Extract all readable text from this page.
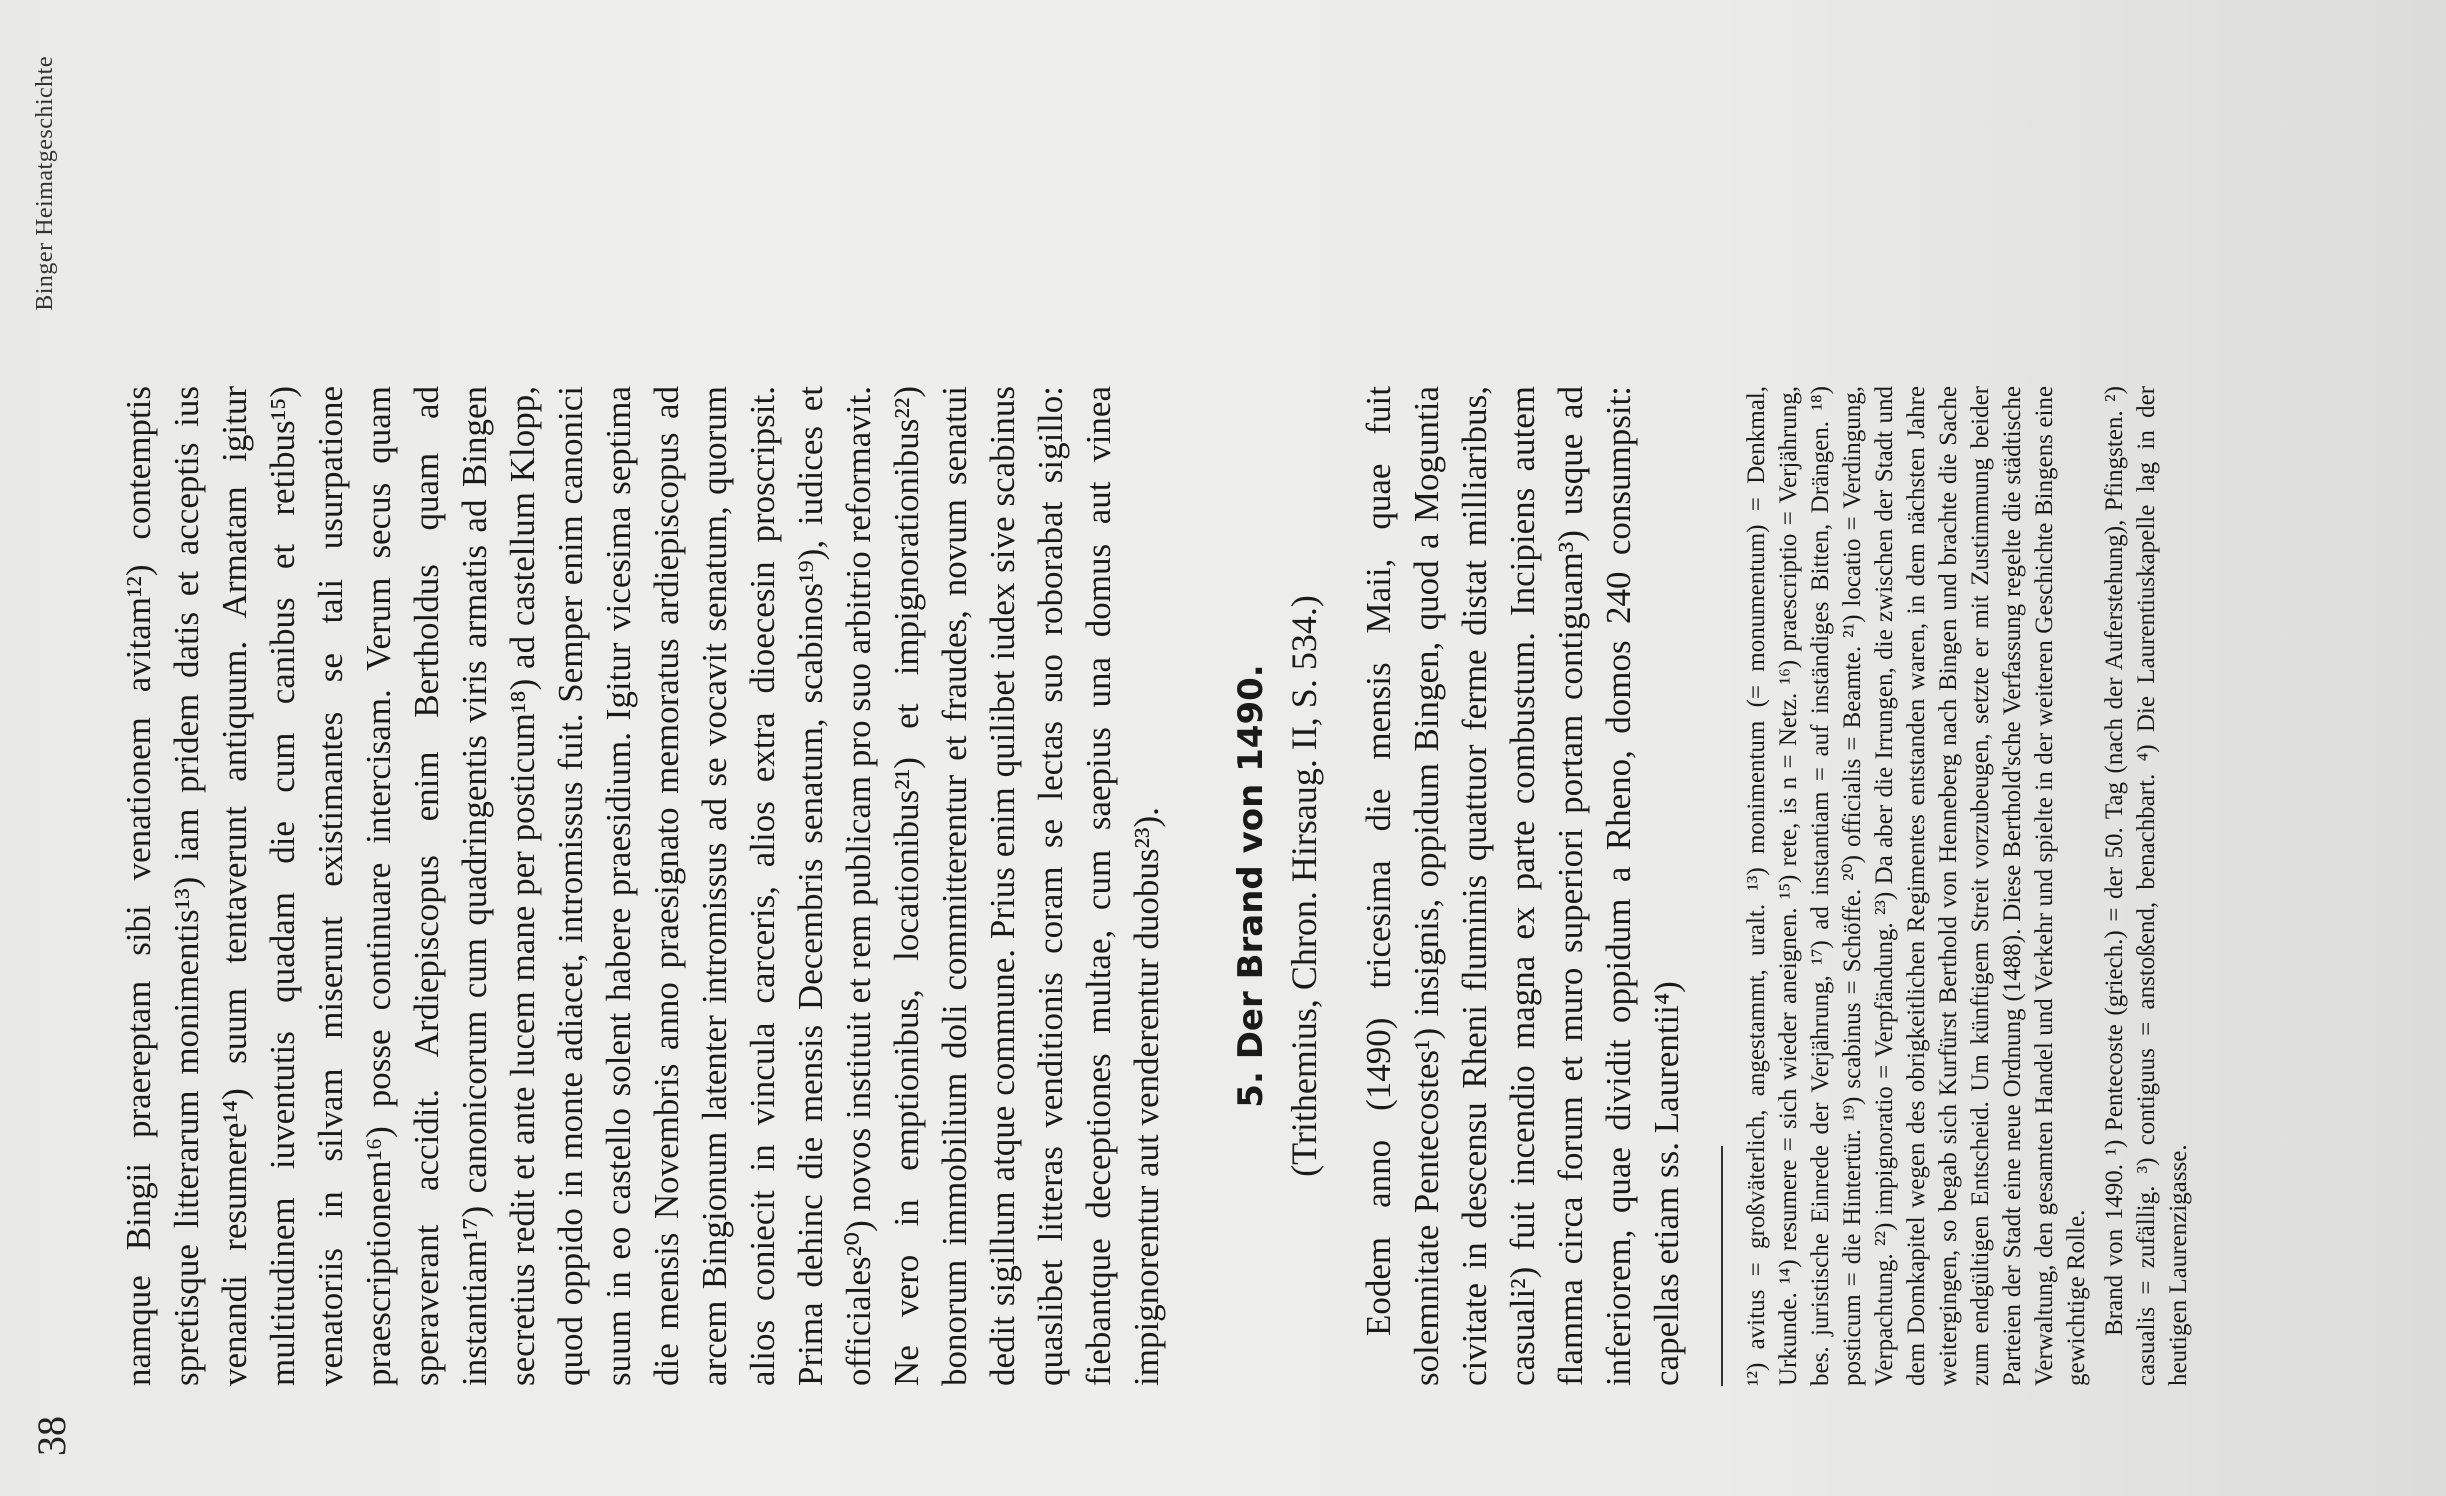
38
Binger Heimatgeschichte

namque Bingii praereptam sibi venationem avitam¹²) contemptis spretisque litterarum monimentis¹³) iam pridem datis et acceptis ius venandi resumere¹⁴) suum tentaverunt antiquum. Armatam igitur multitudinem iuventutis quadam die cum canibus et retibus¹⁵) venatoriis in silvam miserunt existimantes se tali usurpatione praescriptionem¹⁶) posse continuare intercisam. Verum secus quam speraverant accidit. Ardiepiscopus enim Bertholdus quam ad instantiam¹⁷) canonicorum cum quadringentis viris armatis ad Bingen secretius redit et ante lucem mane per posticum¹⁸) ad castellum Klopp, quod oppido in monte adiacet, intromissus fuit. Semper enim canonici suum in eo castello solent habere praesidium. Igitur vicesima septima die mensis Novembris anno praesignato memoratus ardiepiscopus ad arcem Bingionum latenter intromissus ad se vocavit senatum, quorum alios coniecit in vincula carceris, alios extra dioecesin proscripsit. Prima dehinc die mensis Decembris senatum, scabinos¹⁹), iudices et officiales²⁰) novos instituit et rem publicam pro suo arbitrio reformavit. Ne vero in emptionibus, locationibus²¹) et impignorationibus²²) bonorum immobilium doli committerentur et fraudes, novum senatui dedit sigillum atque commune. Prius enim quilibet iudex sive scabinus quaslibet litteras venditionis coram se lectas suo roborabat sigillo: fiebantque deceptiones multae, cum saepius una domus aut vinea impignorentur aut venderentur duobus²³). 5. Der Brand von 1490. (Trithemius, Chron. Hirsaug. II, S. 534.) Eodem anno (1490) tricesima die mensis Maii, quae fuit solemnitate Pentecostes¹) insignis, oppidum Bingen, quod a Moguntia civitate in descensu Rheni fluminis quattuor ferme distat milliaribus, casuali²) fuit incendio magna ex parte combustum. Incipiens autem flamma circa forum et muro superiori portam contiguam³) usque ad inferiorem, quae dividit oppidum a Rheno, domos 240 consumpsit: capellas etiam ss. Laurentii⁴) ¹²) avitus = großväterlich, angestammt, uralt. ¹³) monimentum (= monumentum) = Denkmal, Urkunde. ¹⁴) resumere = sich wieder aneignen. ¹⁵) rete, is n = Netz. ¹⁶) praescriptio = Verjährung, bes. juristische Einrede der Verjährung, ¹⁷) ad instantiam = auf inständiges Bitten, Drängen. ¹⁸) posticum = die Hintertür. ¹⁹) scabinus = Schöffe. ²⁰) officialis = Beamte. ²¹) locatio = Verdingung, Verpachtung. ²²) impignoratio = Verpfändung. ²³) Da aber die Irrungen, die zwischen der Stadt und dem Domkapitel wegen des obrigkeitlichen Regimentes entstanden waren, in dem nächsten Jahre weitergingen, so begab sich Kurfürst Berthold von Henneberg nach Bingen und brachte die Sache zum endgültigen Entscheid. Um künftigem Streit vorzubeugen, setzte er mit Zustimmung beider Parteien der Stadt eine neue Ordnung (1488). Diese Berthold'sche Verfassung regelte die städtische Verwaltung, den gesamten Handel und Verkehr und spielte in der weiteren Geschichte Bingens eine gewichtige Rolle. Brand von 1490. ¹) Pentecoste (griech.) = der 50. Tag (nach der Auferstehung), Pfingsten. ²) casualis = zufällig. ³) contiguus = anstoßend, benachbart. ⁴) Die Laurentiuskapelle lag in der heutigen Laurenzigasse.
